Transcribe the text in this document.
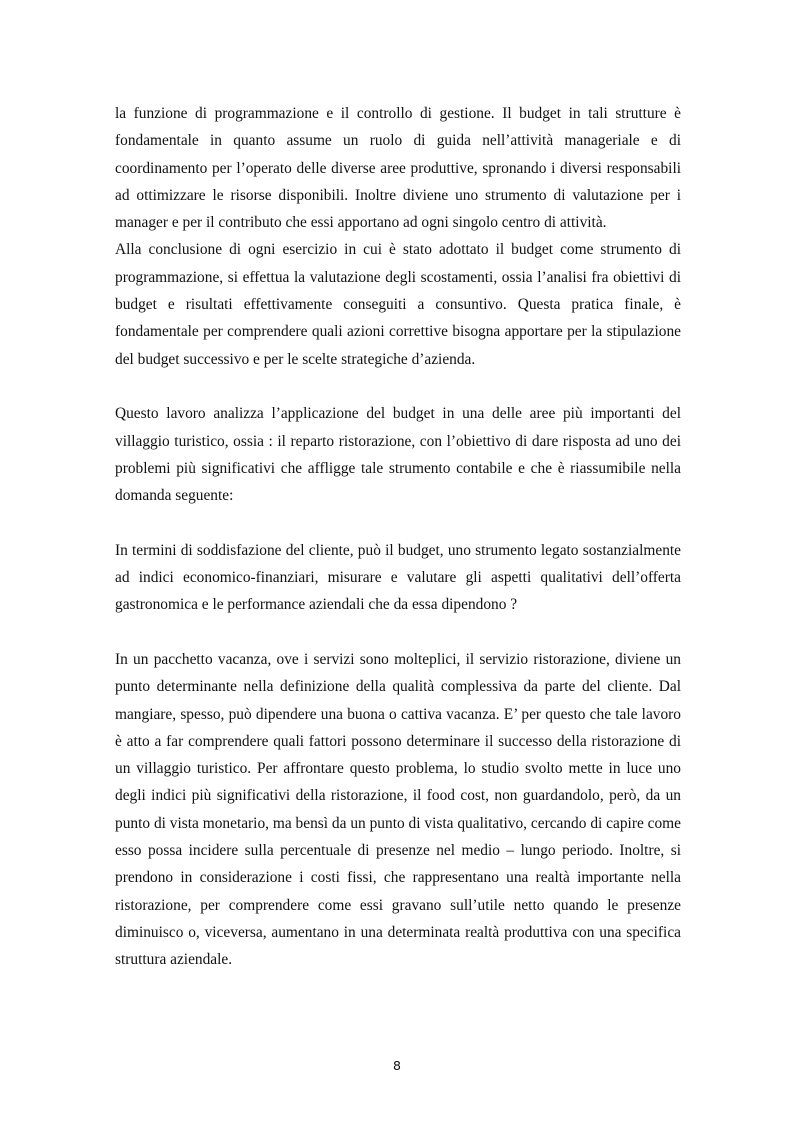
la funzione di programmazione e il controllo di gestione. Il budget in tali strutture è fondamentale in quanto assume un ruolo di guida nell’attività manageriale e di coordinamento per l’operato delle diverse aree produttive, spronando i diversi responsabili ad ottimizzare le risorse disponibili. Inoltre diviene uno strumento di valutazione per i manager e per il contributo che essi apportano ad ogni singolo centro di attività.

Alla conclusione di ogni esercizio in cui è stato adottato il budget come strumento di programmazione, si effettua la valutazione degli scostamenti, ossia l’analisi fra obiettivi di budget e risultati effettivamente conseguiti a consuntivo. Questa pratica finale, è fondamentale per comprendere quali azioni correttive bisogna apportare per la stipulazione del budget successivo e per le scelte strategiche d’azienda.

Questo lavoro analizza l’applicazione del budget in una delle aree più importanti del villaggio turistico, ossia : il reparto ristorazione, con l’obiettivo di dare risposta ad uno dei problemi più significativi che affligge tale strumento contabile e che è riassumibile nella domanda seguente:

In termini di soddisfazione del cliente, può il budget, uno strumento legato sostanzialmente ad indici economico-finanziari, misurare e valutare gli aspetti qualitativi dell’offerta gastronomica e le performance aziendali che da essa dipendono ?

In un pacchetto vacanza, ove i servizi sono molteplici, il servizio ristorazione, diviene un punto determinante nella definizione della qualità complessiva da parte del cliente. Dal mangiare, spesso, può dipendere una buona o cattiva vacanza. E’ per questo che tale lavoro è atto a far comprendere quali fattori possono determinare il successo della ristorazione di un villaggio turistico. Per affrontare questo problema, lo studio svolto mette in luce uno degli indici più significativi della ristorazione, il food cost, non guardandolo, però, da un punto di vista monetario, ma bensì da un punto di vista qualitativo, cercando di capire come esso possa incidere sulla percentuale di presenze nel medio – lungo periodo. Inoltre, si prendono in considerazione i costi fissi, che rappresentano una realtà importante nella ristorazione, per comprendere come essi gravano sull’utile netto quando le presenze diminuisco o, viceversa, aumentano in una determinata realtà produttiva con una specifica struttura aziendale.

8
